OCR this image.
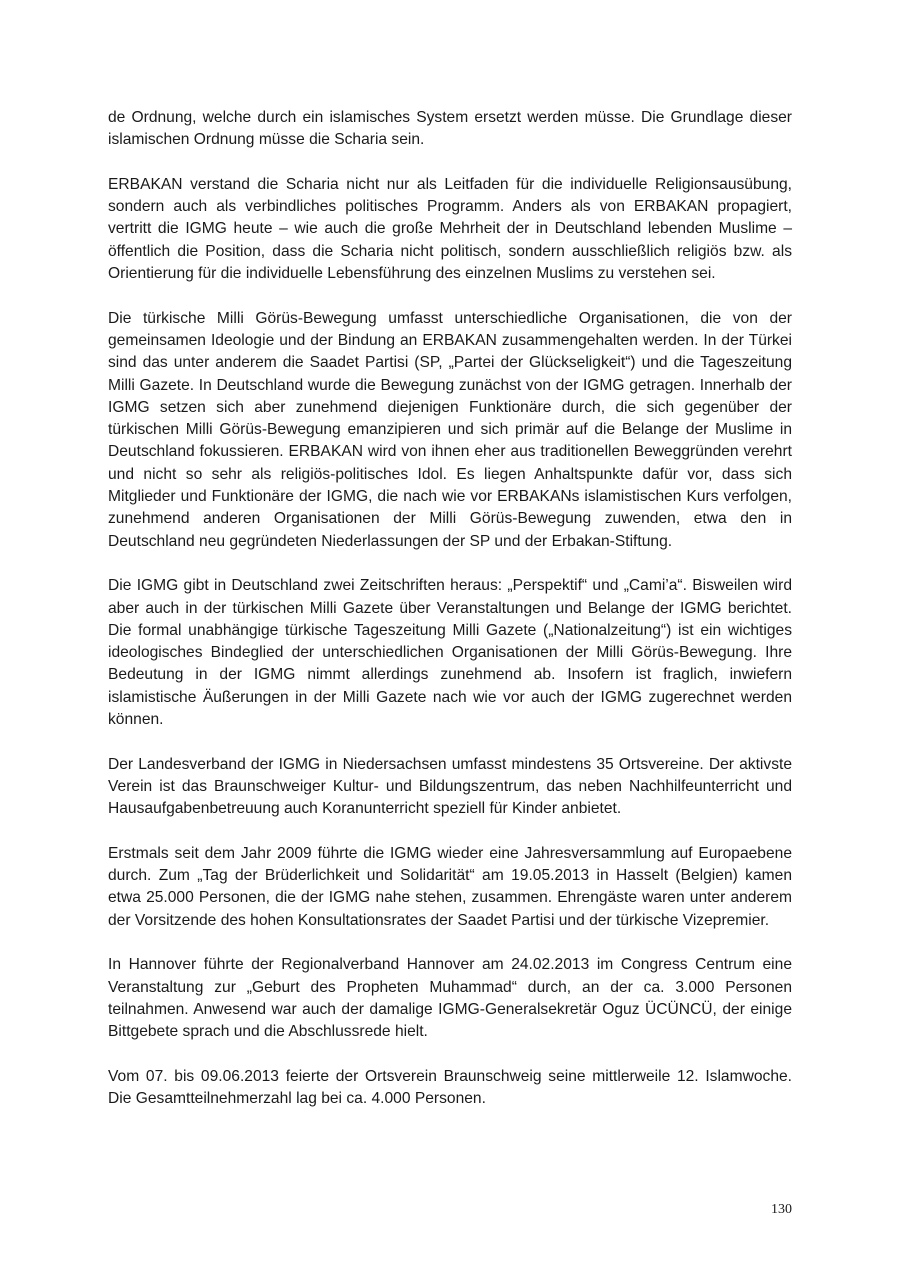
de Ordnung, welche durch ein islamisches System ersetzt werden müsse. Die Grundlage dieser islamischen Ordnung müsse die Scharia sein.

ERBAKAN verstand die Scharia nicht nur als Leitfaden für die individuelle Religionsausübung, sondern auch als verbindliches politisches Programm. Anders als von ERBAKAN propagiert, vertritt die IGMG heute – wie auch die große Mehrheit der in Deutschland lebenden Muslime – öffentlich die Position, dass die Scharia nicht politisch, sondern ausschließlich religiös bzw. als Orientierung für die individuelle Lebensführung des einzelnen Muslims zu verstehen sei.

Die türkische Milli Görüs-Bewegung umfasst unterschiedliche Organisationen, die von der gemeinsamen Ideologie und der Bindung an ERBAKAN zusammengehalten werden. In der Türkei sind das unter anderem die Saadet Partisi (SP, „Partei der Glückseligkeit“) und die Tageszeitung Milli Gazete. In Deutschland wurde die Bewegung zunächst von der IGMG getragen. Innerhalb der IGMG setzen sich aber zunehmend diejenigen Funktionäre durch, die sich gegenüber der türkischen Milli Görüs-Bewegung emanzipieren und sich primär auf die Belange der Muslime in Deutschland fokussieren. ERBAKAN wird von ihnen eher aus traditionellen Beweggründen verehrt und nicht so sehr als religiös-politisches Idol. Es liegen Anhaltspunkte dafür vor, dass sich Mitglieder und Funktionäre der IGMG, die nach wie vor ERBAKANs islamistischen Kurs verfolgen, zunehmend anderen Organisationen der Milli Görüs-Bewegung zuwenden, etwa den in Deutschland neu gegründeten Niederlassungen der SP und der Erbakan-Stiftung.

Die IGMG gibt in Deutschland zwei Zeitschriften heraus: „Perspektif“ und „Cami’a“. Bisweilen wird aber auch in der türkischen Milli Gazete über Veranstaltungen und Belange der IGMG berichtet. Die formal unabhängige türkische Tageszeitung Milli Gazete („Nationalzeitung“) ist ein wichtiges ideologisches Bindeglied der unterschiedlichen Organisationen der Milli Görüs-Bewegung. Ihre Bedeutung in der IGMG nimmt allerdings zunehmend ab. Insofern ist fraglich, inwiefern islamistische Äußerungen in der Milli Gazete nach wie vor auch der IGMG zugerechnet werden können.

Der Landesverband der IGMG in Niedersachsen umfasst mindestens 35 Ortsvereine. Der aktivste Verein ist das Braunschweiger Kultur- und Bildungszentrum, das neben Nachhilfeunterricht und Hausaufgabenbetreuung auch Koranunterricht speziell für Kinder anbietet.

Erstmals seit dem Jahr 2009 führte die IGMG wieder eine Jahresversammlung auf Europaebene durch. Zum „Tag der Brüderlichkeit und Solidarität“ am 19.05.2013 in Hasselt (Belgien) kamen etwa 25.000 Personen, die der IGMG nahe stehen, zusammen. Ehrengäste waren unter anderem der Vorsitzende des hohen Konsultationsrates der Saadet Partisi und der türkische Vizepremier.

In Hannover führte der Regionalverband Hannover am 24.02.2013 im Congress Centrum eine Veranstaltung zur „Geburt des Propheten Muhammad“ durch, an der ca. 3.000 Personen teilnahmen. Anwesend war auch der damalige IGMG-Generalsekretär Oguz ÜCÜNCÜ, der einige Bittgebete sprach und die Abschlussrede hielt.

Vom 07. bis 09.06.2013 feierte der Ortsverein Braunschweig seine mittlerweile 12. Islamwoche. Die Gesamtteilnehmerzahl lag bei ca. 4.000 Personen.

130
